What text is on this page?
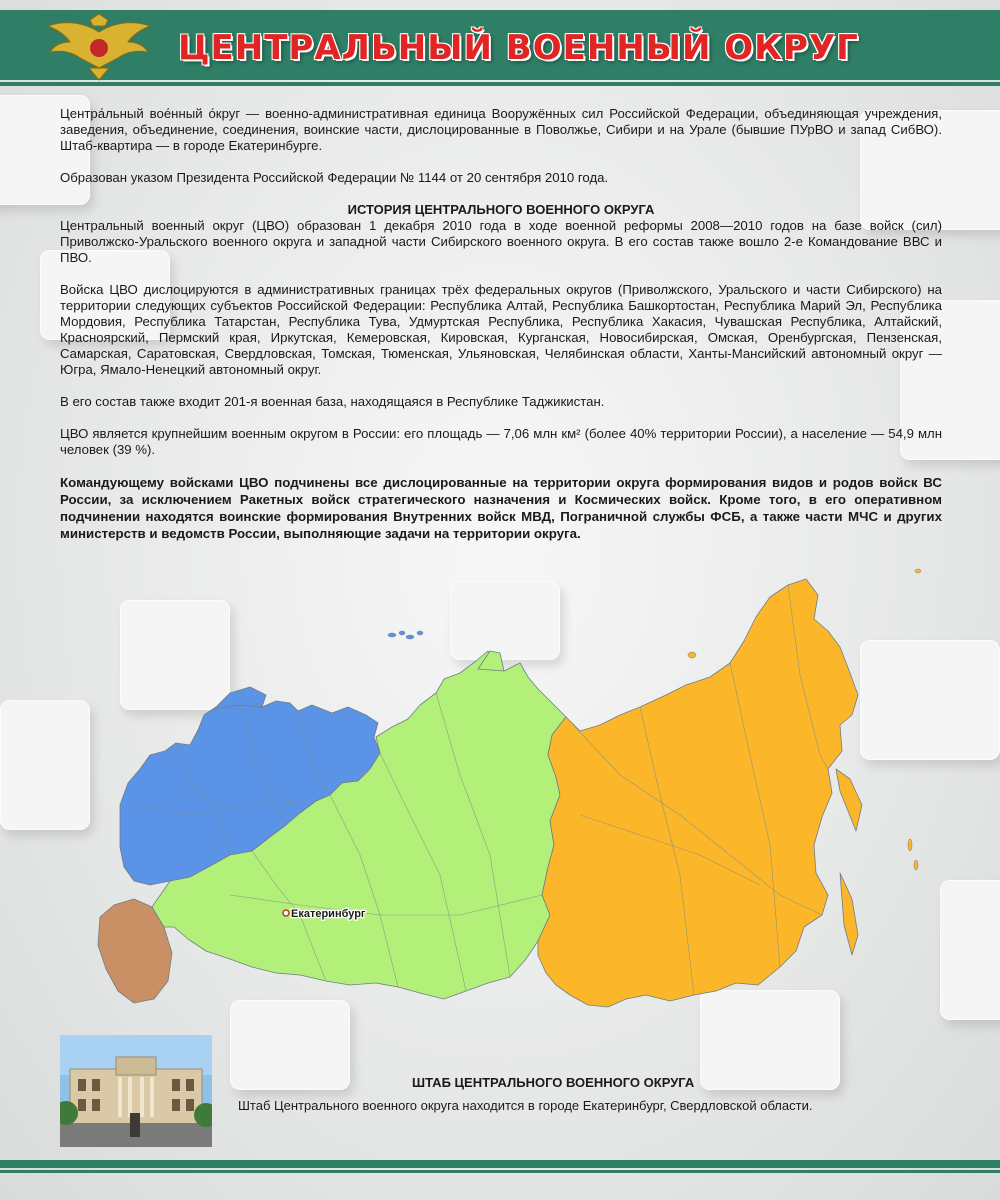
ЦЕНТРАЛЬНЫЙ ВОЕННЫЙ ОКРУГ

Центра́льный вое́нный о́круг — военно-административная единица Вооружённых сил Российской Федерации, объединяющая учреждения, заведения, объединение, соединения, воинские части, дислоцированные в Поволжье, Сибири и на Урале (бывшие ПУрВО и запад СибВО). Штаб-квартира — в городе Екатеринбурге.

Образован указом Президента Российской Федерации № 1144 от 20 сентября 2010 года.

ИСТОРИЯ ЦЕНТРАЛЬНОГО ВОЕННОГО ОКРУГА

Центральный военный округ (ЦВО) образован 1 декабря 2010 года в ходе военной реформы 2008—2010 годов на базе войск (сил) Приволжско-Уральского военного округа и западной части Сибирского военного округа. В его состав также вошло 2-е Командование ВВС и ПВО.

Войска ЦВО дислоцируются в административных границах трёх федеральных округов (Приволжского, Уральского и части Сибирского) на территории следующих субъектов Российской Федерации: Республика Алтай, Республика Башкортостан, Республика Марий Эл, Республика Мордовия, Республика Татарстан, Республика Тува, Удмуртская Республика, Республика Хакасия, Чувашская Республика, Алтайский, Красноярский, Пермский края, Иркутская, Кемеровская, Кировская, Курганская, Новосибирская, Омская, Оренбургская, Пензенская, Самарская, Саратовская, Свердловская, Томская, Тюменская, Ульяновская, Челябинская области, Ханты-Мансийский автономный округ — Югра, Ямало-Ненецкий автономный округ.

В его состав также входит 201-я военная база, находящаяся в Республике Таджикистан.

ЦВО является крупнейшим военным округом в России: его площадь — 7,06 млн км² (более 40% территории России), а население — 54,9 млн человек (39 %).

Командующему войсками ЦВО подчинены все дислоцированные на территории округа формирования видов и родов войск ВС России, за исключением Ракетных войск стратегического назначения и Космических войск. Кроме того, в его оперативном подчинении находятся воинские формирования Внутренних войск МВД, Пограничной службы ФСБ, а также части МЧС и других министерств и ведомств России, выполняющие задачи на территории округа.

Екатеринбург
ШТАБ ЦЕНТРАЛЬНОГО ВОЕННОГО ОКРУГА
Штаб Центрального военного округа находится в городе Екатеринбург, Свердловской области.
